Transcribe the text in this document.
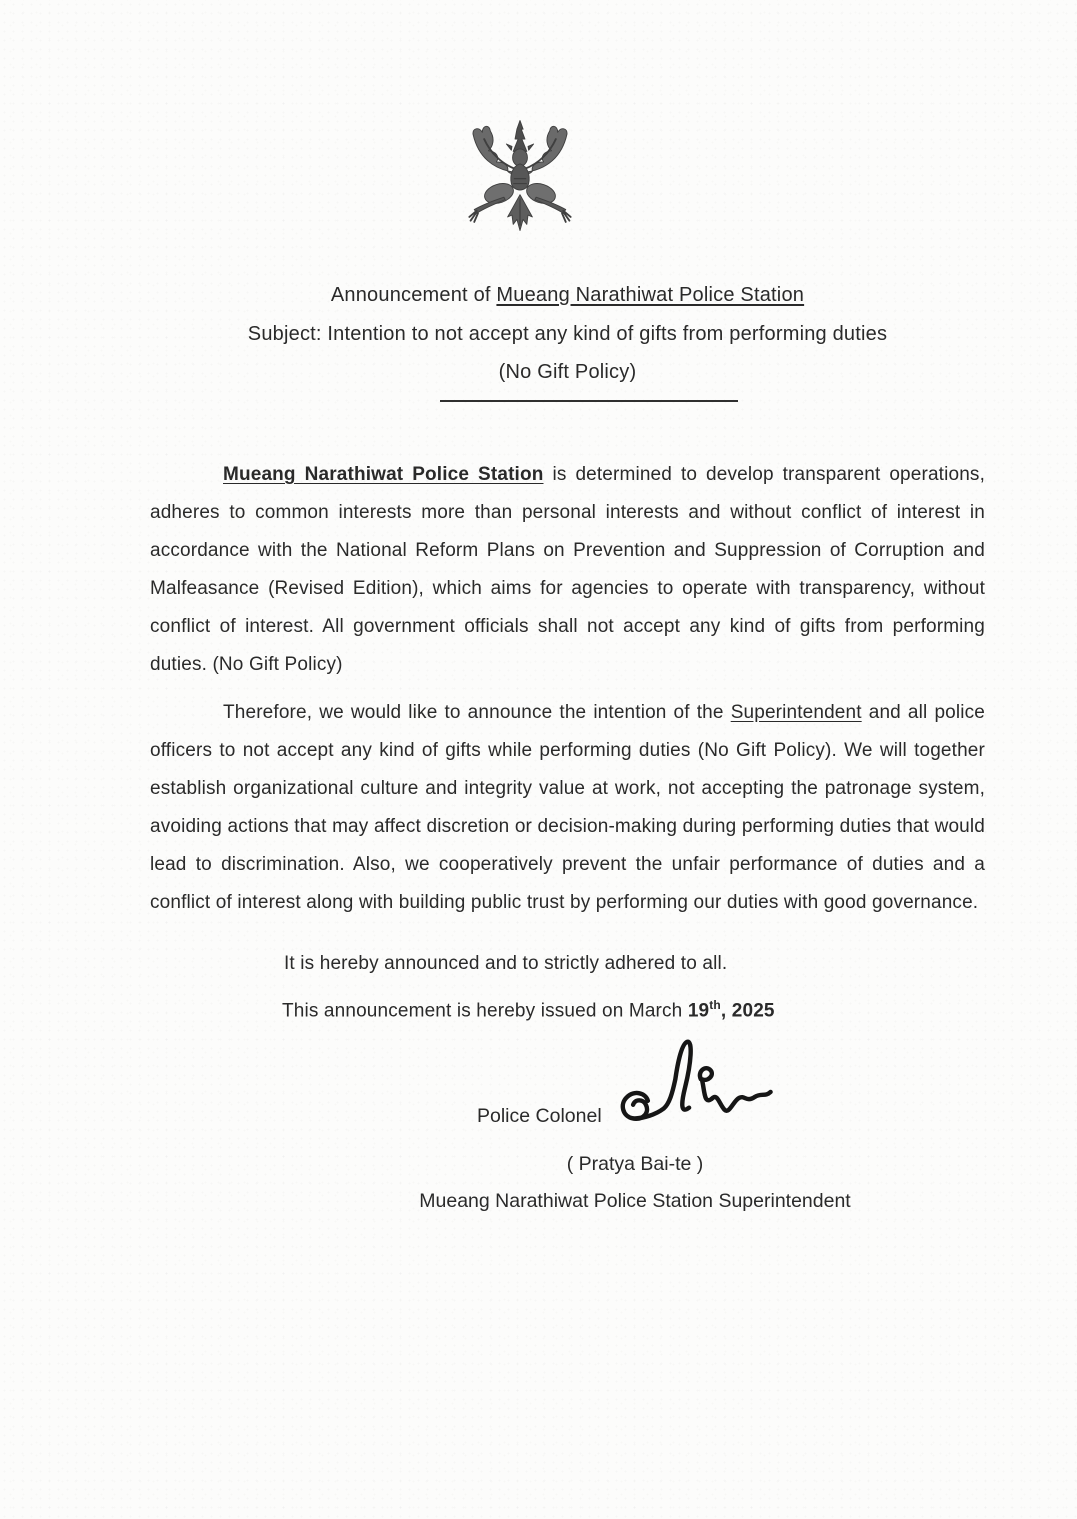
Announcement of Mueang Narathiwat Police Station
Subject: Intention to not accept any kind of gifts from performing duties
(No Gift Policy)

Mueang Narathiwat Police Station is determined to develop transparent operations, adheres to common interests more than personal interests and without conflict of interest in accordance with the National Reform Plans on Prevention and Suppression of Corruption and Malfeasance (Revised Edition), which aims for agencies to operate with transparency, without conflict of interest. All government officials shall not accept any kind of gifts from performing duties. (No Gift Policy)

Therefore, we would like to announce the intention of the Superintendent and all police officers to not accept any kind of gifts while performing duties (No Gift Policy). We will together establish organizational culture and integrity value at work, not accepting the patronage system, avoiding actions that may affect discretion or decision-making during performing duties that would lead to discrimination. Also, we cooperatively prevent the unfair performance of duties and a conflict of interest along with building public trust by performing our duties with good governance.

It is hereby announced and to strictly adhered to all.
This announcement is hereby issued on March 19th, 2025
Police Colonel
( Pratya Bai-te )
Mueang Narathiwat Police Station Superintendent
